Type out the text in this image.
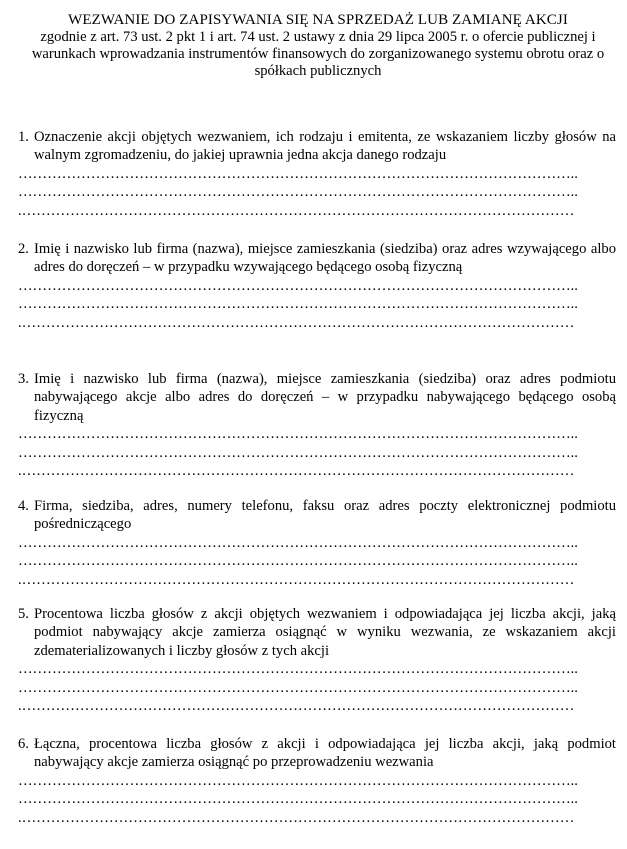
WEZWANIE DO ZAPISYWANIA SIĘ NA SPRZEDAŻ LUB ZAMIANĘ AKCJI
zgodnie z art. 73 ust. 2 pkt 1 i art. 74 ust. 2 ustawy z dnia 29 lipca 2005 r. o ofercie publicznej i warunkach wprowadzania instrumentów finansowych do zorganizowanego systemu obrotu oraz o spółkach publicznych
1. Oznaczenie akcji objętych wezwaniem, ich rodzaju i emitenta, ze wskazaniem liczby głosów na walnym zgromadzeniu, do jakiej uprawnia jedna akcja danego rodzaju
……………………………………………………………………………………………………..
……………………………………………………………………………………………………..
.……………………………………………………………………………………………………
2. Imię i nazwisko lub firma (nazwa), miejsce zamieszkania (siedziba) oraz adres wzywającego albo adres do doręczeń – w przypadku wzywającego będącego osobą fizyczną
……………………………………………………………………………………………………..
……………………………………………………………………………………………………..
.……………………………………………………………………………………………………
3. Imię i nazwisko lub firma (nazwa), miejsce zamieszkania (siedziba) oraz adres podmiotu nabywającego akcje albo adres do doręczeń – w przypadku nabywającego będącego osobą fizyczną
……………………………………………………………………………………………………..
……………………………………………………………………………………………………..
.……………………………………………………………………………………………………
4. Firma, siedziba, adres, numery telefonu, faksu oraz adres poczty elektronicznej podmiotu pośredniczącego
……………………………………………………………………………………………………..
……………………………………………………………………………………………………..
.……………………………………………………………………………………………………
5. Procentowa liczba głosów z akcji objętych wezwaniem i odpowiadająca jej liczba akcji, jaką podmiot nabywający akcje zamierza osiągnąć w wyniku wezwania, ze wskazaniem akcji zdematerializowanych i liczby głosów z tych akcji
……………………………………………………………………………………………………..
……………………………………………………………………………………………………..
.……………………………………………………………………………………………………
6. Łączna, procentowa liczba głosów z akcji i odpowiadająca jej liczba akcji, jaką podmiot nabywający akcje zamierza osiągnąć po przeprowadzeniu wezwania
……………………………………………………………………………………………………..
……………………………………………………………………………………………………..
.……………………………………………………………………………………………………
